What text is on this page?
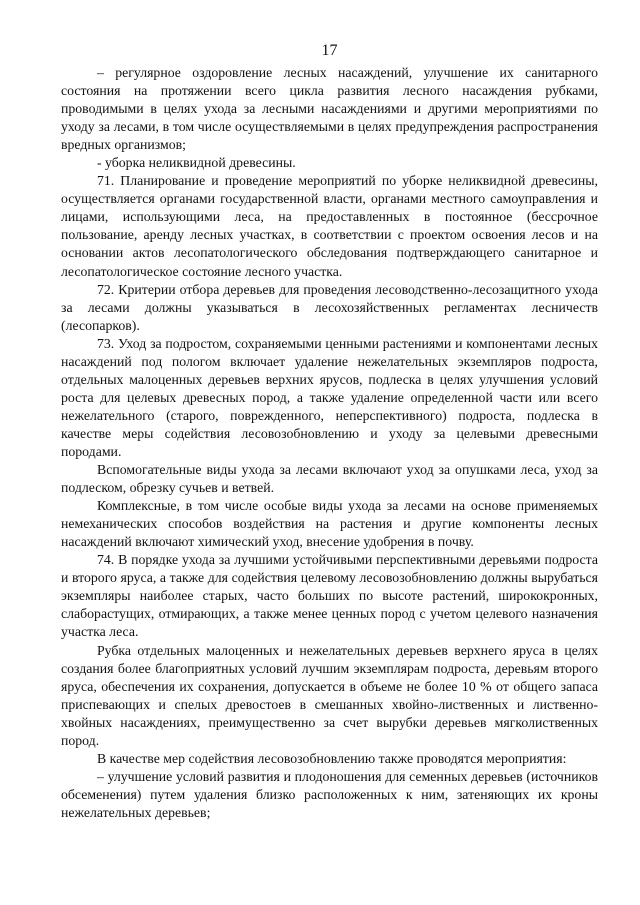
17

– регулярное оздоровление лесных насаждений, улучшение их санитарного состояния на протяжении всего цикла развития лесного насаждения рубками, проводимыми в целях ухода за лесными насаждениями и другими мероприятиями по уходу за лесами, в том числе осуществляемыми в целях предупреждения распространения вредных организмов;

- уборка неликвидной древесины.

71. Планирование и проведение мероприятий по уборке неликвидной древесины, осуществляется органами государственной власти, органами местного самоуправления и лицами, использующими леса, на предоставленных в постоянное (бессрочное пользование, аренду лесных участках, в соответствии с проектом освоения лесов и на основании актов лесопатологического обследования подтверждающего санитарное и лесопатологическое состояние лесного участка.

72. Критерии отбора деревьев для проведения лесоводственно-лесозащитного ухода за лесами должны указываться в лесохозяйственных регламентах лесничеств (лесопарков).

73. Уход за подростом, сохраняемыми ценными растениями и компонентами лесных насаждений под пологом включает удаление нежелательных экземпляров подроста, отдельных малоценных деревьев верхних ярусов, подлеска в целях улучшения условий роста для целевых древесных пород, а также удаление определенной части или всего нежелательного (старого, поврежденного, неперспективного) подроста, подлеска в качестве меры содействия лесовозобновлению и уходу за целевыми древесными породами.

Вспомогательные виды ухода за лесами включают уход за опушками леса, уход за подлеском, обрезку сучьев и ветвей.

Комплексные, в том числе особые виды ухода за лесами на основе применяемых немеханических способов воздействия на растения и другие компоненты лесных насаждений включают химический уход, внесение удобрения в почву.

74. В порядке ухода за лучшими устойчивыми перспективными деревьями подроста и второго яруса, а также для содействия целевому лесовозобновлению должны вырубаться экземпляры наиболее старых, часто больших по высоте растений, ширококронных, слаборастущих, отмирающих, а также менее ценных пород с учетом целевого назначения участка леса.

Рубка отдельных малоценных и нежелательных деревьев верхнего яруса в целях создания более благоприятных условий лучшим экземплярам подроста, деревьям второго яруса, обеспечения их сохранения, допускается в объеме не более 10 % от общего запаса приспевающих и спелых древостоев в смешанных хвойно-лиственных и лиственно-хвойных насаждениях, преимущественно за счет вырубки деревьев мягколиственных пород.

В качестве мер содействия лесовозобновлению также проводятся мероприятия:

– улучшение условий развития и плодоношения для семенных деревьев (источников обсеменения) путем удаления близко расположенных к ним, затеняющих их кроны нежелательных деревьев;
